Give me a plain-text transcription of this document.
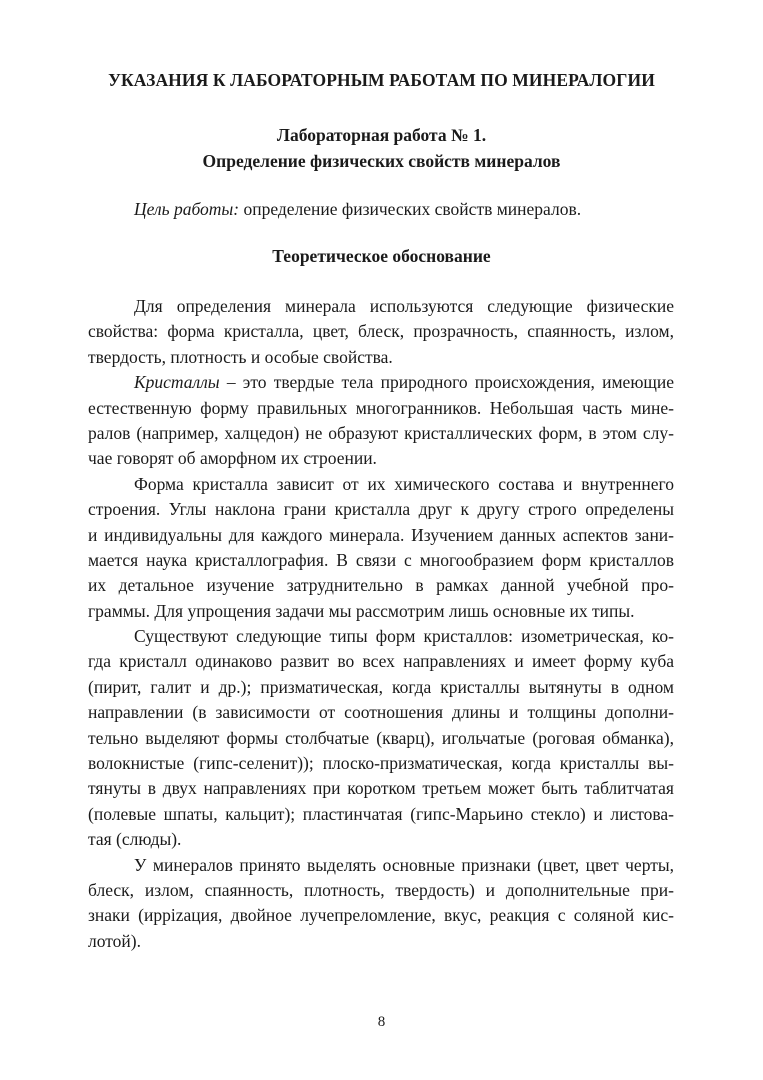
УКАЗАНИЯ К ЛАБОРАТОРНЫМ РАБОТАМ ПО МИНЕРАЛОГИИ
Лабораторная работа № 1.
Определение физических свойств минералов
Цель работы: определение физических свойств минералов.
Теоретическое обоснование
Для определения минерала используются следующие физические
свойства: форма кристалла, цвет, блеск, прозрачность, спаянность, излом,
твердость, плотность и особые свойства.
Кристаллы – это твердые тела природного происхождения, имеющие
естественную форму правильных многогранников. Небольшая часть мине-
ралов (например, халцедон) не образуют кристаллических форм, в этом слу-
чае говорят об аморфном их строении.
Форма кристалла зависит от их химического состава и внутреннего
строения. Углы наклона грани кристалла друг к другу строго определены
и индивидуальны для каждого минерала. Изучением данных аспектов зани-
мается наука кристаллография. В связи с многообразием форм кристаллов
их детальное изучение затруднительно в рамках данной учебной про-
граммы. Для упрощения задачи мы рассмотрим лишь основные их типы.
Существуют следующие типы форм кристаллов: изометрическая, ко-
гда кристалл одинаково развит во всех направлениях и имеет форму куба
(пирит, галит и др.); призматическая, когда кристаллы вытянуты в одном
направлении (в зависимости от соотношения длины и толщины дополни-
тельно выделяют формы столбчатые (кварц), игольчатые (роговая обманка),
волокнистые (гипс-селенит)); плоско-призматическая, когда кристаллы вы-
тянуты в двух направлениях при коротком третьем может быть таблитчатая
(полевые шпаты, кальцит); пластинчатая (гипс-Марьино стекло) и листова-
тая (слюды).
У минералов принято выделять основные признаки (цвет, цвет черты,
блеск, излом, спаянность, плотность, твердость) и дополнительные при-
знаки (иррizация, двойное лучепреломление, вкус, реакция с соляной кис-
лотой).
8
